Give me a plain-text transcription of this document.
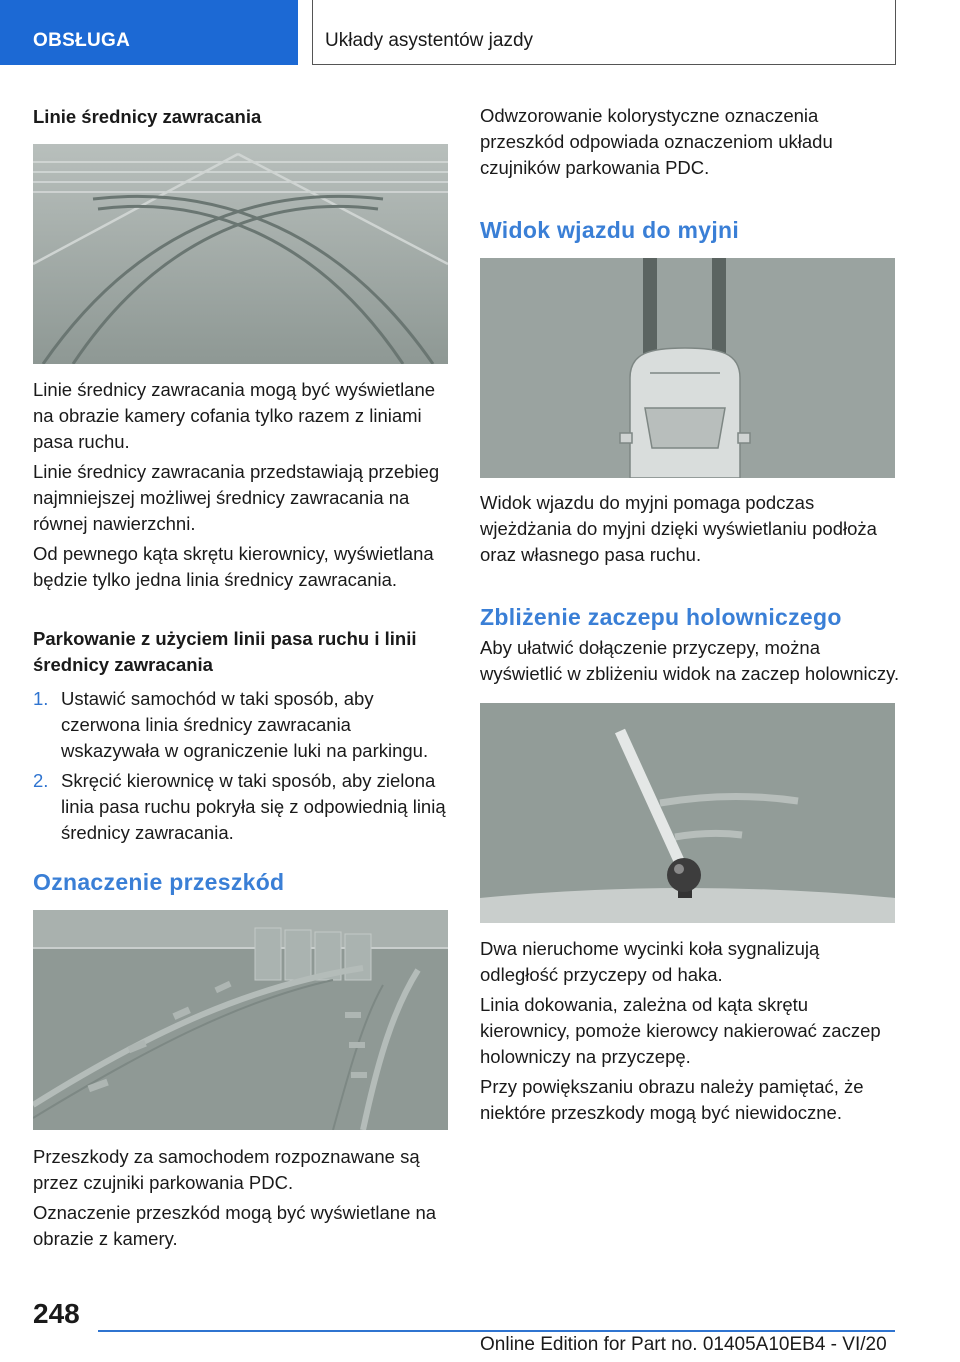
OBSŁUGA	Układy asystentów jazdy
Linie średnicy zawracania
Linie średnicy zawracania mogą być wyświetlane na obrazie kamery cofania tylko razem z liniami pasa ruchu.
Linie średnicy zawracania przedstawiają przebieg najmniejszej możliwej średnicy zawracania na równej nawierzchni.
Od pewnego kąta skrętu kierownicy, wyświetlana będzie tylko jedna linia średnicy zawracania.
Parkowanie z użyciem linii pasa ruchu i linii średnicy zawracania
1. Ustawić samochód w taki sposób, aby czerwona linia średnicy zawracania wskazywała w ograniczenie luki na parkingu.
2. Skręcić kierownicę w taki sposób, aby zielona linia pasa ruchu pokryła się z odpowiednią linią średnicy zawracania.
Oznaczenie przeszkód
Przeszkody za samochodem rozpoznawane są przez czujniki parkowania PDC.
Oznaczenie przeszkód mogą być wyświetlane na obrazie z kamery.
Odwzorowanie kolorystyczne oznaczenia przeszkód odpowiada oznaczeniom układu czujników parkowania PDC.
Widok wjazdu do myjni
Widok wjazdu do myjni pomaga podczas wjeżdżania do myjni dzięki wyświetlaniu podłoża oraz własnego pasa ruchu.
Zbliżenie zaczepu holowniczego
Aby ułatwić dołączenie przyczepy, można wyświetlić w zbliżeniu widok na zaczep holowniczy.
Dwa nieruchome wycinki koła sygnalizują odległość przyczepy od haka.
Linia dokowania, zależna od kąta skrętu kierownicy, pomoże kierowcy nakierować zaczep holowniczy na przyczepę.
Przy powiększaniu obrazu należy pamiętać, że niektóre przeszkody mogą być niewidoczne.
248
Online Edition for Part no. 01405A10EB4 - VI/20
